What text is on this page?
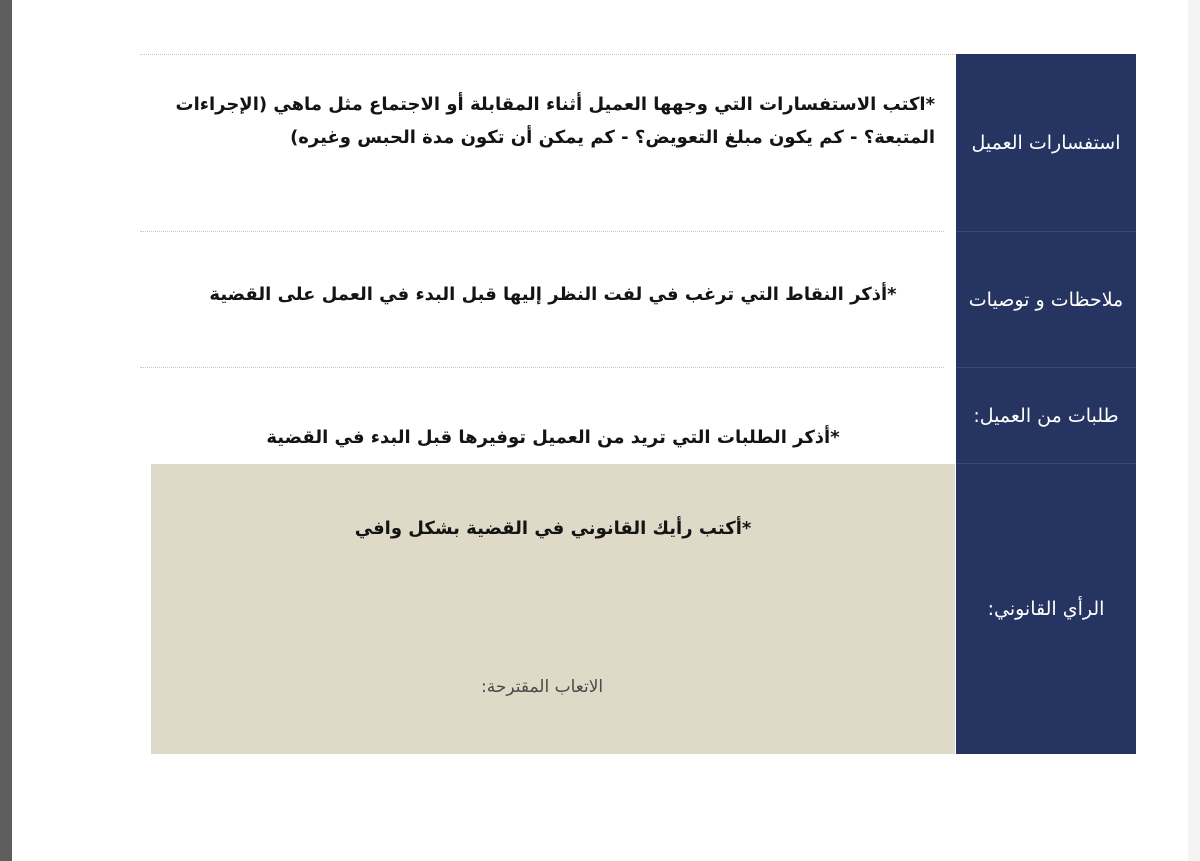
استفسارات العميل
*اكتب الاستفسارات التي وجهها العميل أثناء المقابلة أو الاجتماع مثل ماهي (الإجراءات المتبعة؟ - كم يكون مبلغ التعويض؟ - كم يمكن أن تكون مدة الحبس وغيره)
ملاحظات و توصيات
*أذكر النقاط التي ترغب في لفت النظر إليها قبل البدء في العمل على القضية
طلبات من العميل:
*أذكر الطلبات التي تريد من العميل توفيرها قبل البدء في القضية
الرأي القانوني:
*أكتب رأيك القانوني في القضية بشكل وافي
الاتعاب المقترحة:
